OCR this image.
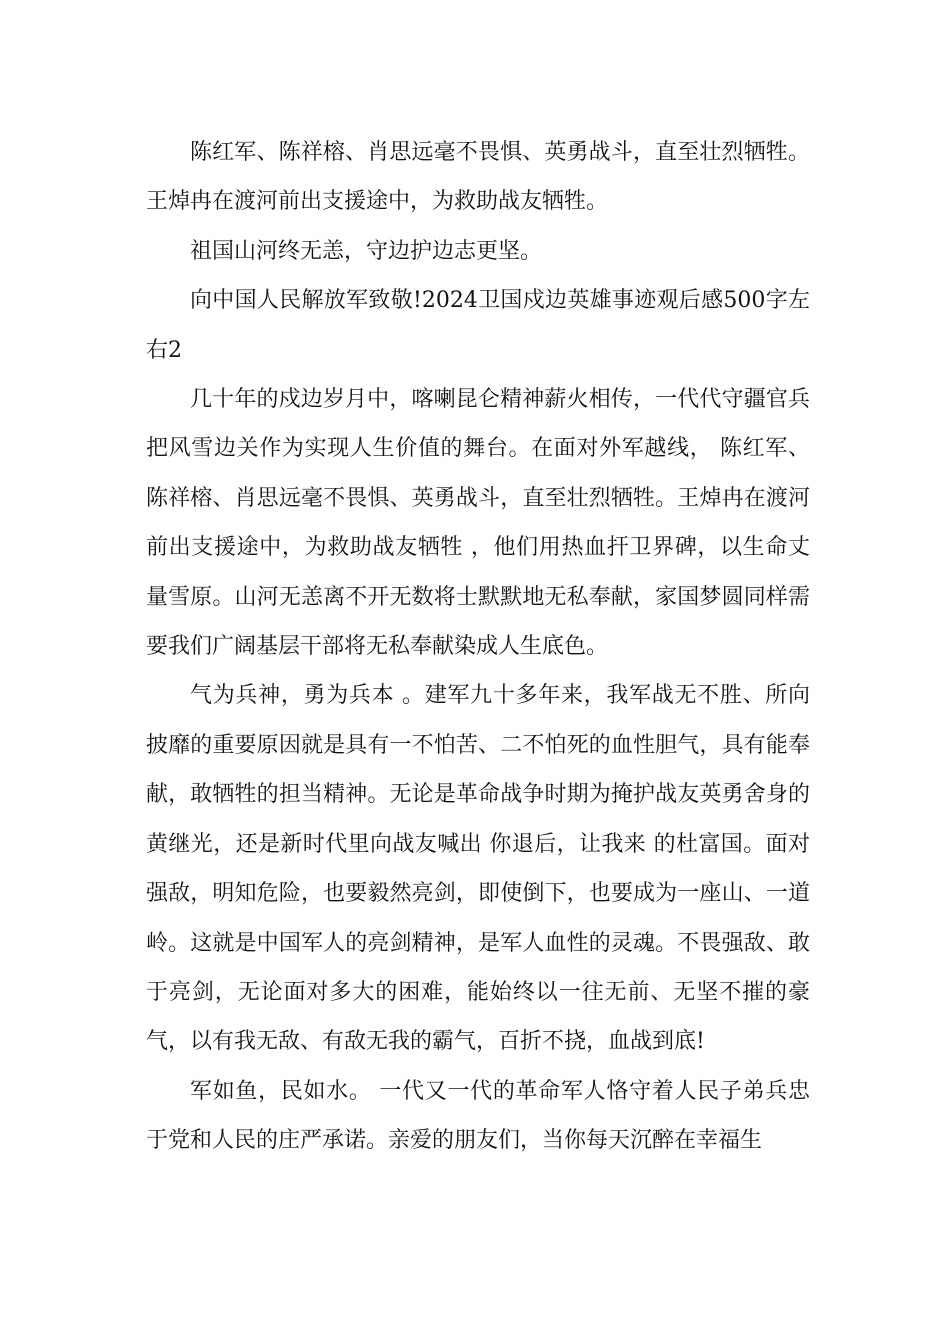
陈红军、陈祥榕、肖思远毫不畏惧、英勇战斗，直至壮烈牺牲。王焯冉在渡河前出支援途中，为救助战友牺牲。

祖国山河终无恙，守边护边志更坚。

向中国人民解放军致敬!2024卫国戍边英雄事迹观后感500字左右2

几十年的戍边岁月中，喀喇昆仑精神薪火相传，一代代守疆官兵把风雪边关作为实现人生价值的舞台。在面对外军越线， 陈红军、陈祥榕、肖思远毫不畏惧、英勇战斗，直至壮烈牺牲。王焯冉在渡河前出支援途中，为救助战友牺牲 ，他们用热血扞卫界碑，以生命丈量雪原。山河无恙离不开无数将士默默地无私奉献，家国梦圆同样需要我们广阔基层干部将无私奉献染成人生底色。

气为兵神，勇为兵本 。建军九十多年来，我军战无不胜、所向披靡的重要原因就是具有一不怕苦、二不怕死的血性胆气，具有能奉献，敢牺牲的担当精神。无论是革命战争时期为掩护战友英勇舍身的黄继光，还是新时代里向战友喊出 你退后，让我来 的杜富国。面对强敌，明知危险，也要毅然亮剑，即使倒下，也要成为一座山、一道岭。这就是中国军人的亮剑精神，是军人血性的灵魂。不畏强敌、敢于亮剑，无论面对多大的困难，能始终以一往无前、无坚不摧的豪气，以有我无敌、有敌无我的霸气，百折不挠，血战到底!

军如鱼，民如水。 一代又一代的革命军人恪守着人民子弟兵忠于党和人民的庄严承诺。亲爱的朋友们，当你每天沉醉在幸福生
